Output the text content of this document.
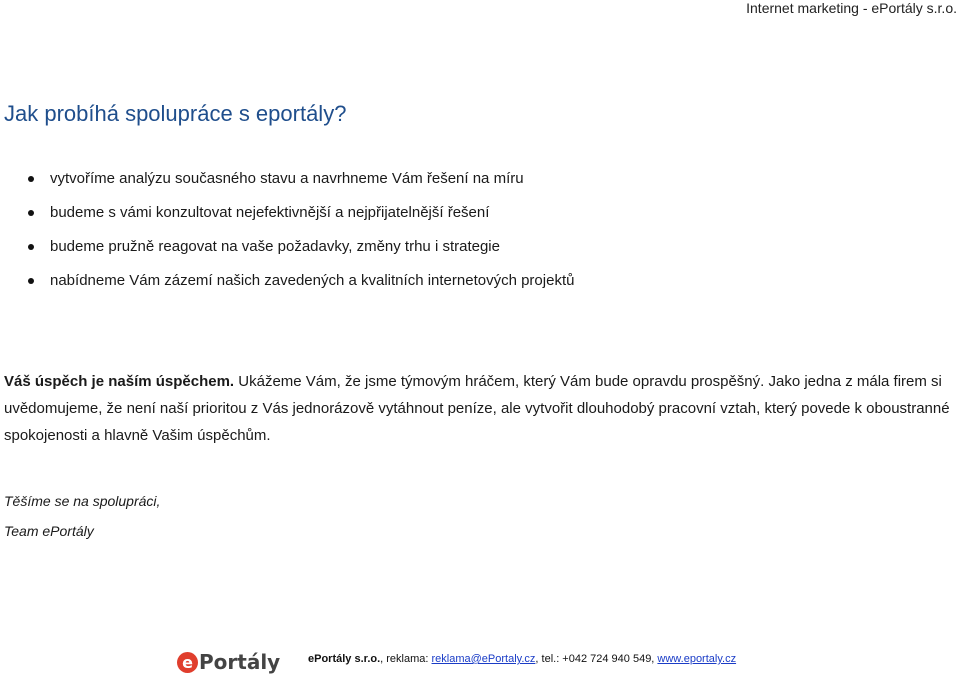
Internet marketing - ePortály s.r.o.
Jak probíhá spolupráce s eportály?
vytvoříme analýzu současného stavu a navrhneme Vám řešení na míru
budeme s vámi konzultovat nejefektivnější a nejpřijatelnější řešení
budeme pružně reagovat na vaše požadavky, změny trhu i strategie
nabídneme Vám zázemí našich zavedených a kvalitních internetových projektů

Váš úspěch je naším úspěchem. Ukážeme Vám, že jsme týmovým hráčem, který Vám bude opravdu prospěšný. Jako jedna z mála firem si uvědomujeme, že není naší prioritou z Vás jednorázově vytáhnout peníze, ale vytvořit dlouhodobý pracovní vztah, který povede k oboustranné spokojenosti a hlavně Vašim úspěchům.

Těšíme se na spolupráci,

Team ePortály

e Portály	ePortály s.r.o., reklama: reklama@ePortaly.cz, tel.: +042 724 940 549, www.eportaly.cz
